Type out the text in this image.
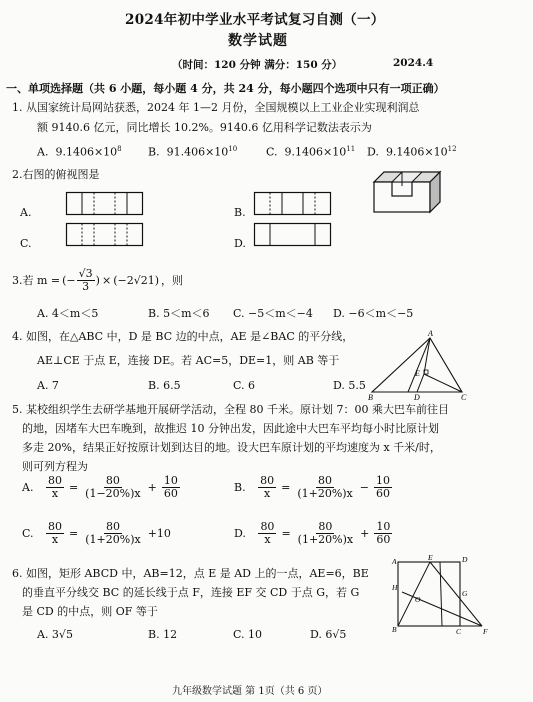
2024年初中学业水平考试复习自测（一）
数学试题
（时间：120 分钟 满分：150 分）	2024.4
一、单项选择题（共 6 小题，每小题 4 分，共 24 分，每小题四个选项中只有一项正确）
1. 从国家统计局网站获悉，2024 年 1—2 月份，全国规模以上工业企业实现利润总
额 9140.6 亿元，同比增长 10.2%。9140.6 亿用科学记数法表示为
A. $9.1406\times 10^8$ B. $91.406\times 10^{10}$	C. $9.1406\times 10^{11}$ D. $9.1406\times 10^{12}$
2.右图的俯视图是
A.	B.
C.	D.
3.若 m = (− $\frac{√3}{3}$ ) × (−2√21) ，则
A. 4＜m＜5	B. 5＜m＜6 C. −5＜m＜−4 D. −6＜m＜−5
4. 如图，在△ABC 中，D 是 BC 边的中点，AE 是∠BAC 的平分线，
AE⊥CE 于点 E，连接 DE。若 AC=5，DE=1，则 AB 等于
A. 7	B. 6.5	C. 6	D. 5.5
A
B	C
D
E
5. 某校组织学生去研学基地开展研学活动，全程 80 千米。原计划 7：00 乘大巴车前往目
的地，因堵车大巴车晚到，故推迟 10 分钟出发，因此途中大巴车平均每小时比原计划
多走 20%，结果正好按原计划到达目的地。设大巴车原计划的平均速度为 x 千米/时，
则可列方程为
A.
$\frac{80}{x} = \frac{80}{(1-20\%)x} + \frac{10}{60}$	B.
$\frac{80}{x} = \frac{80}{(1+20\%)x} - \frac{10}{60}$
C.
$\frac{80}{x} = \frac{80}{(1+20\%)x} +10$	D.
$\frac{80}{x} = \frac{80}{(1+20\%)x} + \frac{10}{60}$
6. 如图，矩形 ABCD 中，AB=12，点 E 是 AD 上的一点，AE=6，BE
的垂直平分线交 BC 的延长线于点 F，连接 EF 交 CD 于点 G，若 G
是 CD 的中点，则 OF 等于
A. 3√5	B. 12	C. 10	D. 6√5
A
B	C
D
E
F
G
H
O
九年级数学试题 第 1页（共 6 页）
